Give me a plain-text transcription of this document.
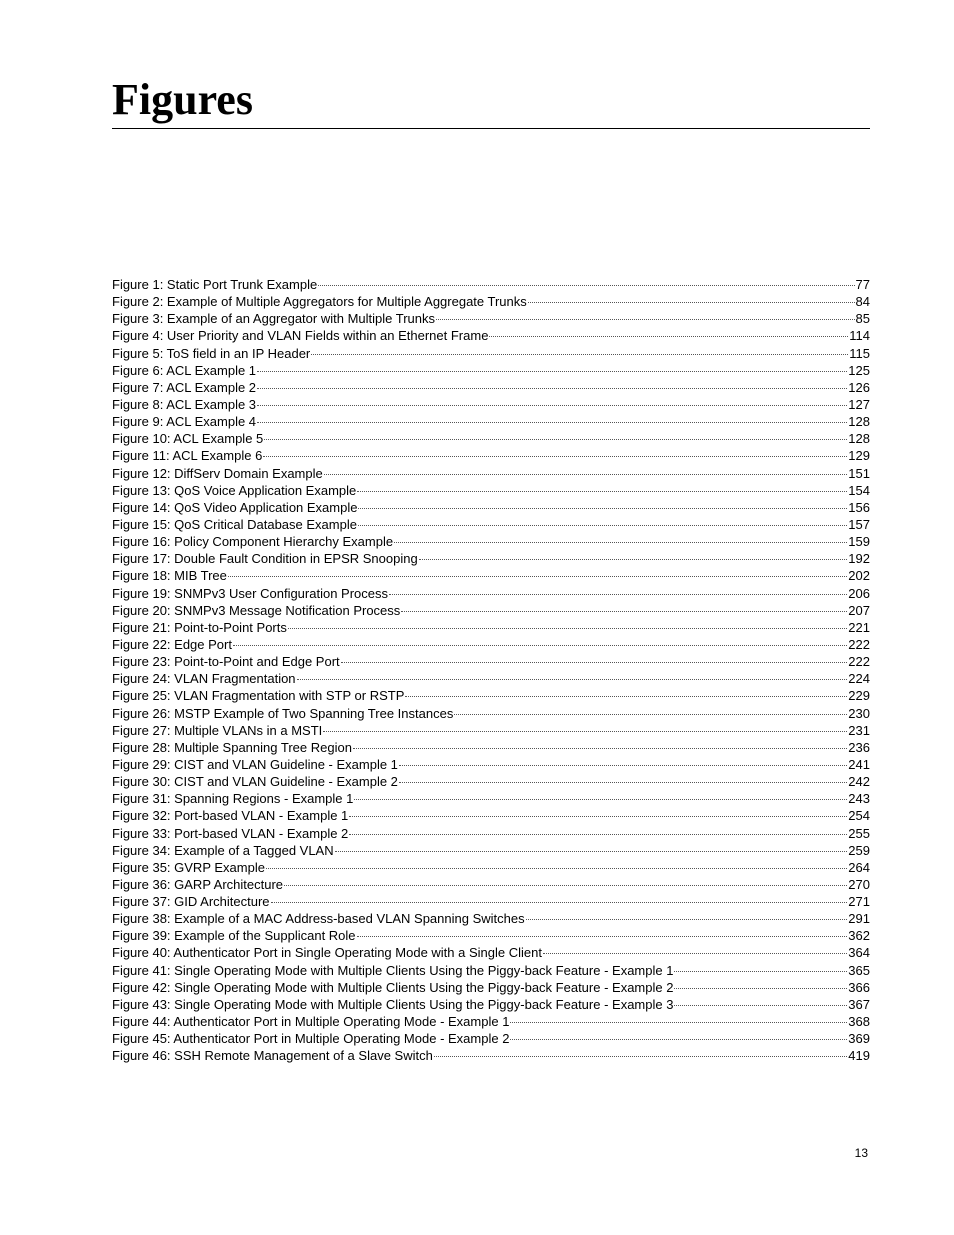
Figures
Figure 1: Static Port Trunk Example	77
Figure 2: Example of Multiple Aggregators for Multiple Aggregate Trunks	84
Figure 3: Example of an Aggregator with Multiple Trunks	85
Figure 4: User Priority and VLAN Fields within an Ethernet Frame	114
Figure 5: ToS field in an IP Header	115
Figure 6: ACL Example 1	125
Figure 7: ACL Example 2	126
Figure 8: ACL Example 3	127
Figure 9: ACL Example 4	128
Figure 10: ACL Example 5	128
Figure 11: ACL Example 6	129
Figure 12: DiffServ Domain Example	151
Figure 13: QoS Voice Application Example	154
Figure 14: QoS Video Application Example	156
Figure 15: QoS Critical Database Example	157
Figure 16: Policy Component Hierarchy Example	159
Figure 17: Double Fault Condition in EPSR Snooping	192
Figure 18: MIB Tree	202
Figure 19: SNMPv3 User Configuration Process	206
Figure 20: SNMPv3 Message Notification Process	207
Figure 21: Point-to-Point Ports	221
Figure 22: Edge Port	222
Figure 23: Point-to-Point and Edge Port	222
Figure 24: VLAN Fragmentation	224
Figure 25: VLAN Fragmentation with STP or RSTP	229
Figure 26: MSTP Example of Two Spanning Tree Instances	230
Figure 27: Multiple VLANs in a MSTI	231
Figure 28: Multiple Spanning Tree Region	236
Figure 29: CIST and VLAN Guideline - Example 1	241
Figure 30: CIST and VLAN Guideline - Example 2	242
Figure 31: Spanning Regions - Example 1	243
Figure 32: Port-based VLAN - Example 1	254
Figure 33: Port-based VLAN - Example 2	255
Figure 34: Example of a Tagged VLAN	259
Figure 35: GVRP Example	264
Figure 36: GARP Architecture	270
Figure 37: GID Architecture	271
Figure 38: Example of a MAC Address-based VLAN Spanning Switches	291
Figure 39: Example of the Supplicant Role	362
Figure 40: Authenticator Port in Single Operating Mode with a Single Client	364
Figure 41: Single Operating Mode with Multiple Clients Using the Piggy-back Feature - Example 1	365
Figure 42: Single Operating Mode with Multiple Clients Using the Piggy-back Feature - Example 2	366
Figure 43: Single Operating Mode with Multiple Clients Using the Piggy-back Feature - Example 3	367
Figure 44: Authenticator Port in Multiple Operating Mode - Example 1	368
Figure 45: Authenticator Port in Multiple Operating Mode - Example 2	369
Figure 46: SSH Remote Management of a Slave Switch	419
13
